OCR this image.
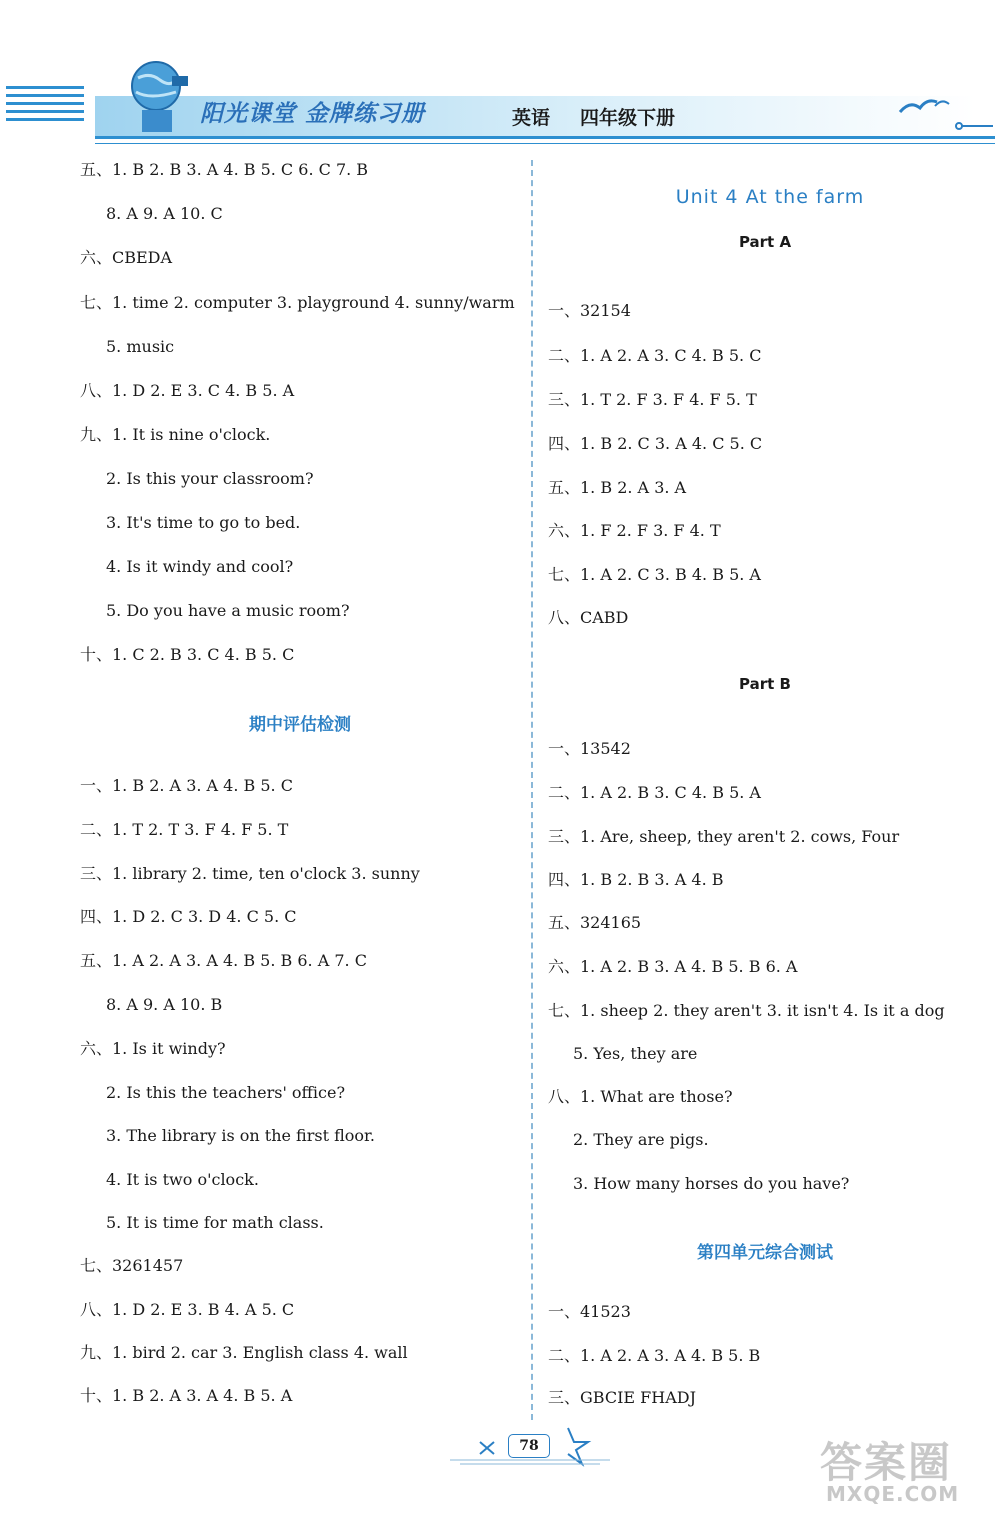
阳光课堂 金牌练习册	英语 四年级下册
五、1. B 2. B 3. A 4. B 5. C 6. C 7. B
8. A 9. A 10. C
六、CBEDA
七、1. time 2. computer 3. playground 4. sunny/warm
5. music
八、1. D 2. E 3. C 4. B 5. A
九、1. It is nine o'clock.
2. Is this your classroom?
3. It's time to go to bed.
4. Is it windy and cool?
5. Do you have a music room?
十、1. C 2. B 3. C 4. B 5. C
期中评估检测
一、1. B 2. A 3. A 4. B 5. C
二、1. T 2. T 3. F 4. F 5. T
三、1. library 2. time, ten o'clock 3. sunny
四、1. D 2. C 3. D 4. C 5. C
五、1. A 2. A 3. A 4. B 5. B 6. A 7. C
8. A 9. A 10. B
六、1. Is it windy?
2. Is this the teachers' office?
3. The library is on the first floor.
4. It is two o'clock.
5. It is time for math class.
七、3261457
八、1. D 2. E 3. B 4. A 5. C
九、1. bird 2. car 3. English class 4. wall
十、1. B 2. A 3. A 4. B 5. A
Unit 4 At the farm
Part A
一、32154
二、1. A 2. A 3. C 4. B 5. C
三、1. T 2. F 3. F 4. F 5. T
四、1. B 2. C 3. A 4. C 5. C
五、1. B 2. A 3. A
六、1. F 2. F 3. F 4. T
七、1. A 2. C 3. B 4. B 5. A
八、CABD
Part B
一、13542
二、1. A 2. B 3. C 4. B 5. A
三、1. Are, sheep, they aren't 2. cows, Four
四、1. B 2. B 3. A 4. B
五、324165
六、1. A 2. B 3. A 4. B 5. B 6. A
七、1. sheep 2. they aren't 3. it isn't 4. Is it a dog
5. Yes, they are
八、1. What are those?
2. They are pigs.
3. How many horses do you have?
第四单元综合测试
一、41523
二、1. A 2. A 3. A 4. B 5. B
三、GBCIE FHADJ
78	答案圈
MXQE.COM
